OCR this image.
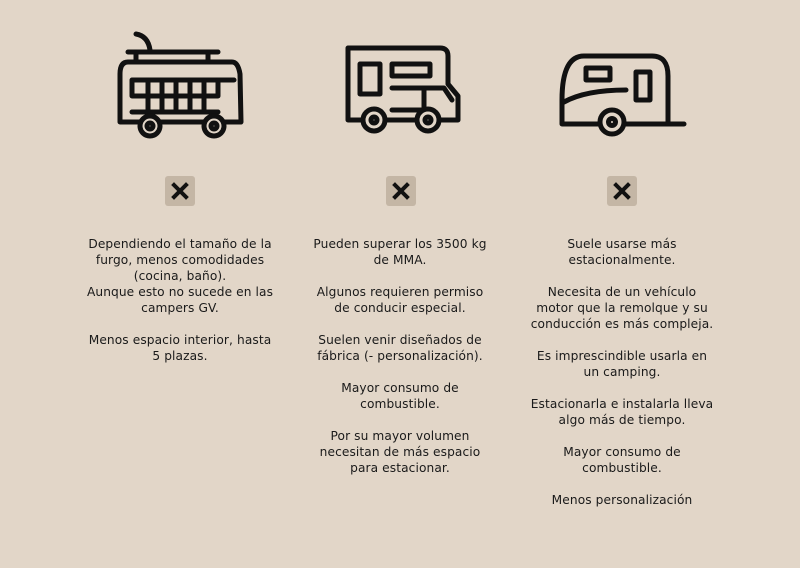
Dependiendo el tamaño de la
furgo, menos comodidades
(cocina, baño).
Aunque esto no sucede en las
campers GV.

Menos espacio interior, hasta
5 plazas.

Pueden superar los 3500 kg
de MMA.

Algunos requieren permiso
de conducir especial.

Suelen venir diseñados de
fábrica (- personalización).

Mayor consumo de
combustible.

Por su mayor volumen
necesitan de más espacio
para estacionar.

Suele usarse más
estacionalmente.

Necesita de un vehículo
motor que la remolque y su
conducción es más compleja.

Es imprescindible usarla en
un camping.

Estacionarla e instalarla lleva
algo más de tiempo.

Mayor consumo de
combustible.

Menos personalización
